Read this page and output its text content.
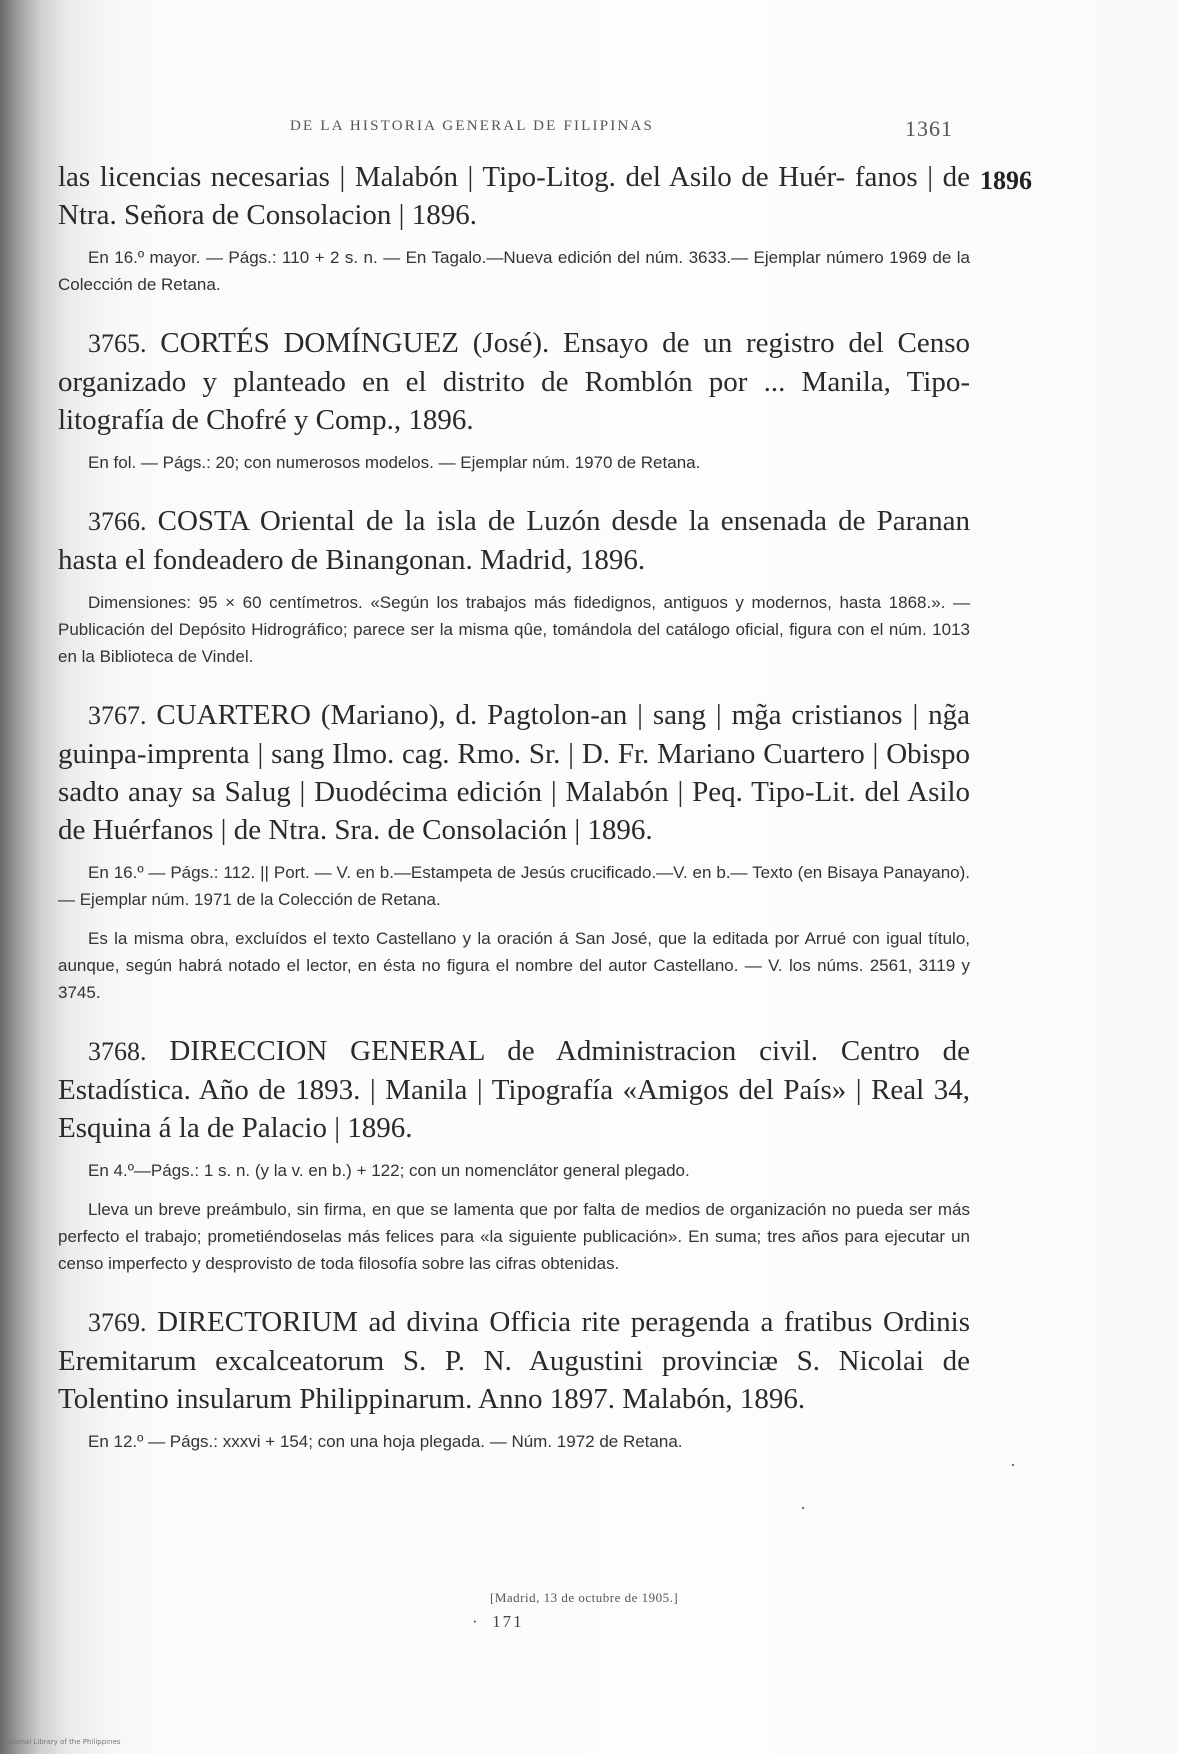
DE LA HISTORIA GENERAL DE FILIPINAS	1361
1896

las licencias necesarias | Malabón | Tipo-Litog. del Asilo de Huér- fanos | de Ntra. Señora de Consolacion | 1896.

En 16.º mayor. — Págs.: 110 + 2 s. n. — En Tagalo.—Nueva edición del núm. 3633.— Ejemplar número 1969 de la Colección de Retana.

3765. CORTÉS DOMÍNGUEZ (José). Ensayo de un registro del Censo organizado y planteado en el distrito de Romblón por ... Manila, Tipo-litografía de Chofré y Comp., 1896.

En fol. — Págs.: 20; con numerosos modelos. — Ejemplar núm. 1970 de Retana.

3766. COSTA Oriental de la isla de Luzón desde la ensenada de Paranan hasta el fondeadero de Binangonan. Madrid, 1896.

Dimensiones: 95 × 60 centímetros. «Según los trabajos más fidedignos, antiguos y modernos, hasta 1868.». — Publicación del Depósito Hidrográfico; parece ser la misma qûe, tomándola del catálogo oficial, figura con el núm. 1013 en la Biblioteca de Vindel.

3767. CUARTERO (Mariano), d. Pagtolon-an | sang | mg̃a cristianos | ng̃a guinpa-imprenta | sang Ilmo. cag. Rmo. Sr. | D. Fr. Mariano Cuartero | Obispo sadto anay sa Salug | Duodécima edición | Malabón | Peq. Tipo-Lit. del Asilo de Huérfanos | de Ntra. Sra. de Consolación | 1896.

En 16.º — Págs.: 112. || Port. — V. en b.—Estampeta de Jesús crucificado.—V. en b.— Texto (en Bisaya Panayano). — Ejemplar núm. 1971 de la Colección de Retana.

Es la misma obra, excluídos el texto Castellano y la oración á San José, que la editada por Arrué con igual título, aunque, según habrá notado el lector, en ésta no figura el nombre del autor Castellano. — V. los núms. 2561, 3119 y 3745.

3768. DIRECCION GENERAL de Administracion civil. Centro de Estadística. Año de 1893. | Manila | Tipografía «Amigos del País» | Real 34, Esquina á la de Palacio | 1896.

En 4.º—Págs.: 1 s. n. (y la v. en b.) + 122; con un nomenclátor general plegado.

Lleva un breve preámbulo, sin firma, en que se lamenta que por falta de medios de organización no pueda ser más perfecto el trabajo; prometiéndoselas más felices para «la siguiente publicación». En suma; tres años para ejecutar un censo imperfecto y desprovisto de toda filosofía sobre las cifras obtenidas.

3769. DIRECTORIUM ad divina Officia rite peragenda a fratibus Ordinis Eremitarum excalceatorum S. P. N. Augustini provinciæ S. Nicolai de Tolentino insularum Philippinarum. Anno 1897. Malabón, 1896.

En 12.º — Págs.: xxxvi + 154; con una hoja plegada. — Núm. 1972 de Retana.

[Madrid, 13 de octubre de 1905.]
·  171
·
·
National Library of the Philippines
